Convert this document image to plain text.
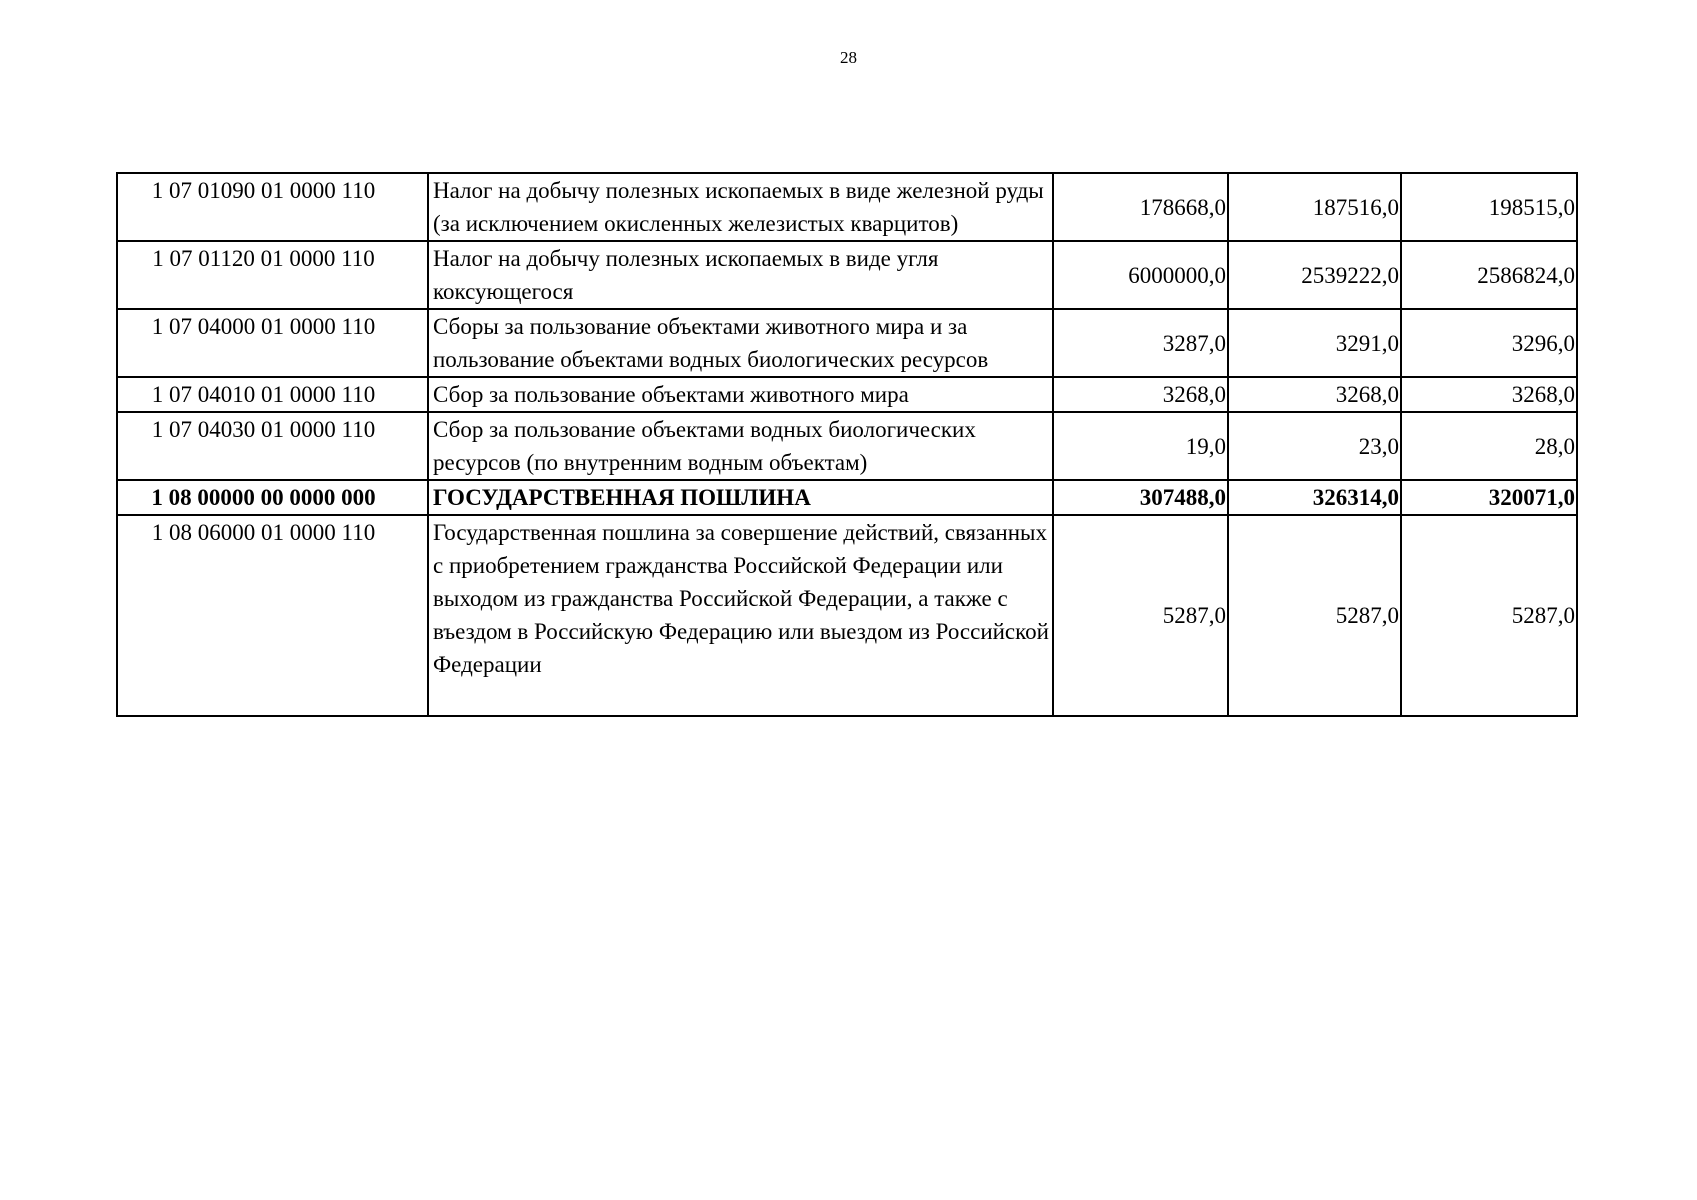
28
1 07 01090 01 0000 110	Налог на добычу полезных ископаемых в виде железной руды (за исключением окисленных железистых кварцитов)	178668,0	187516,0	198515,0
1 07 01120 01 0000 110	Налог на добычу полезных ископаемых в виде угля коксующегося	6000000,0	2539222,0	2586824,0
1 07 04000 01 0000 110	Сборы за пользование объектами животного мира и за пользование объектами водных биологических ресурсов	3287,0	3291,0	3296,0
1 07 04010 01 0000 110	Сбор за пользование объектами животного мира	3268,0	3268,0	3268,0
1 07 04030 01 0000 110	Сбор за пользование объектами водных биологических ресурсов (по внутренним водным объектам)	19,0	23,0	28,0
1 08 00000 00 0000 000	ГОСУДАРСТВЕННАЯ ПОШЛИНА	307488,0	326314,0	320071,0
1 08 06000 01 0000 110	Государственная пошлина за совершение действий, связанных с приобретением гражданства Российской Федерации или выходом из гражданства Российской Федерации, а также с въездом в Российскую Федерацию или выездом из Российской Федерации	5287,0	5287,0	5287,0
